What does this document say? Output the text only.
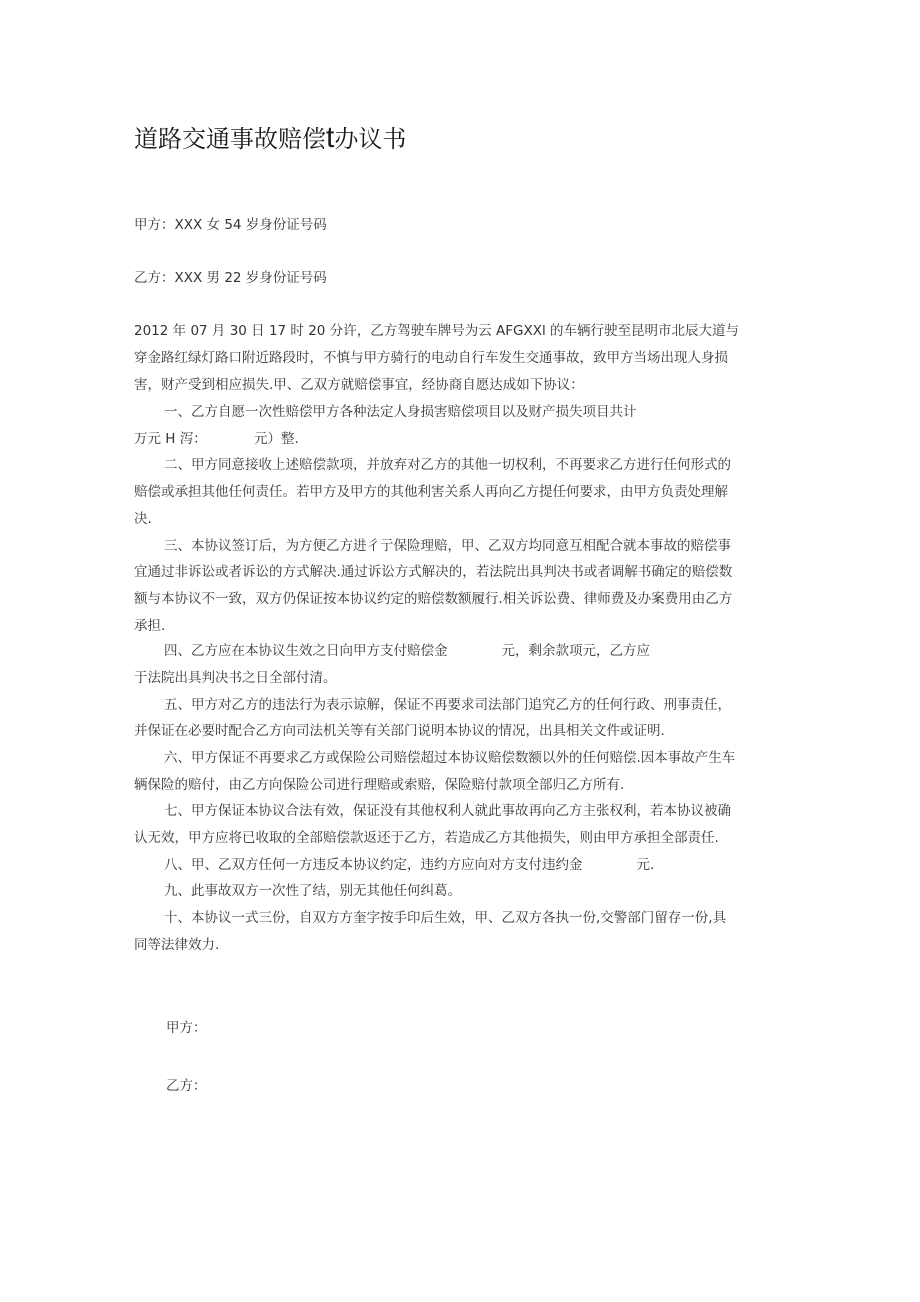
道路交通事故赔偿t办议书
甲方：XXX 女 54 岁身份证号码
乙方：XXX 男 22 岁身份证号码
2012 年 07 月 30 日 17 时 20 分许，乙方驾驶车牌号为云 AFGXXl 的车辆行驶至昆明市北辰大道与
穿金路红绿灯路口附近路段时，不慎与甲方骑行的电动自行车发生交通事故，致甲方当场出现人身损
害，财产受到相应损失.甲、乙双方就赔偿事宜，经协商自愿达成如下协议：
一、乙方自愿一次性赔偿甲方各种法定人身损害赔偿项目以及财产损失项目共计
万元 H 泻：　　　　元）整.
二、甲方同意接收上述赔偿款项，并放弃对乙方的其他一切权利，不再要求乙方进行任何形式的
赔偿或承担其他任何责任。若甲方及甲方的其他利害关系人再向乙方提任何要求，由甲方负责处理解
决.
三、本协议签订后，为方便乙方进彳亍保险理赔，甲、乙双方均同意互相配合就本事故的赔偿事
宜通过非诉讼或者诉讼的方式解决.通过诉讼方式解决的，若法院出具判决书或者调解书确定的赔偿数
额与本协议不一致，双方仍保证按本协议约定的赔偿数额履行.相关诉讼费、律师费及办案费用由乙方
承担.
四、乙方应在本协议生效之日向甲方支付赔偿金　　　　元，剩余款项元，乙方应
于法院出具判决书之日全部付清。
五、甲方对乙方的违法行为表示谅解，保证不再要求司法部门追究乙方的任何行政、刑事责任，
并保证在必要时配合乙方向司法机关等有关部门说明本协议的情况，出具相关文件或证明.
六、甲方保证不再要求乙方或保险公司赔偿超过本协议赔偿数额以外的任何赔偿.因本事故产生车
辆保险的赔付，由乙方向保险公司进行理赔或索赔，保险赔付款项全部归乙方所有.
七、甲方保证本协议合法有效，保证没有其他权利人就此事故再向乙方主张权利，若本协议被确
认无效，甲方应将已收取的全部赔偿款返还于乙方，若造成乙方其他损失，则由甲方承担全部责任.
八、甲、乙双方任何一方违反本协议约定，违约方应向对方支付违约金　　　　元.
九、此事故双方一次性了结，别无其他任何纠葛。
十、本协议一式三份，自双方方奎字按手印后生效，甲、乙双方各执一份,交警部门留存一份,具
同等法律效力.
甲方：
乙方：
